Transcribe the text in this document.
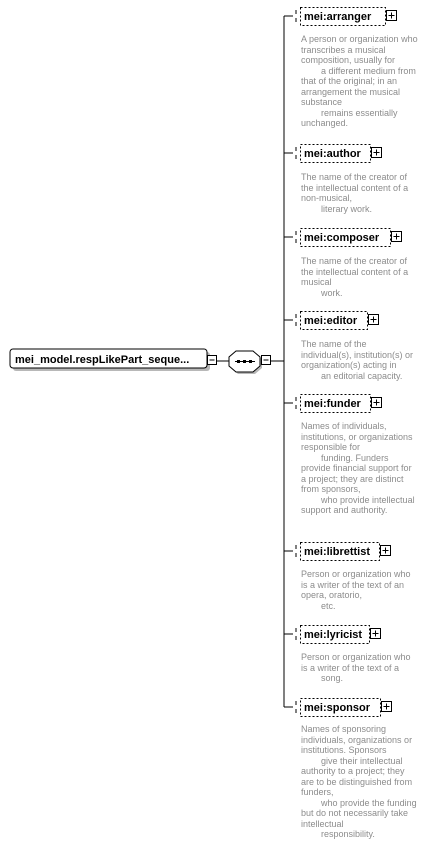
mei_model.respLikePart_seque...
mei:arranger
mei:author
mei:composer
mei:editor
mei:funder
mei:librettist
mei:lyricist
mei:sponsor

A person or organization who transcribes a musical composition, usually for
a different medium from that of the original; in an arrangement the musical substance
remains essentially unchanged.

The name of the creator of the intellectual content of a non-musical,
literary work.

The name of the creator of the intellectual content of a musical
work.

The name of the individual(s), institution(s) or organization(s) acting in
an editorial capacity.

Names of individuals, institutions, or organizations responsible for
funding. Funders provide financial support for a project; they are distinct from sponsors,
who provide intellectual support and authority.

Person or organization who is a writer of the text of an opera, oratorio,
etc.

Person or organization who is a writer of the text of a
song.

Names of sponsoring individuals, organizations or institutions. Sponsors
give their intellectual authority to a project; they are to be distinguished from funders,
who provide the funding but do not necessarily take intellectual
responsibility.
